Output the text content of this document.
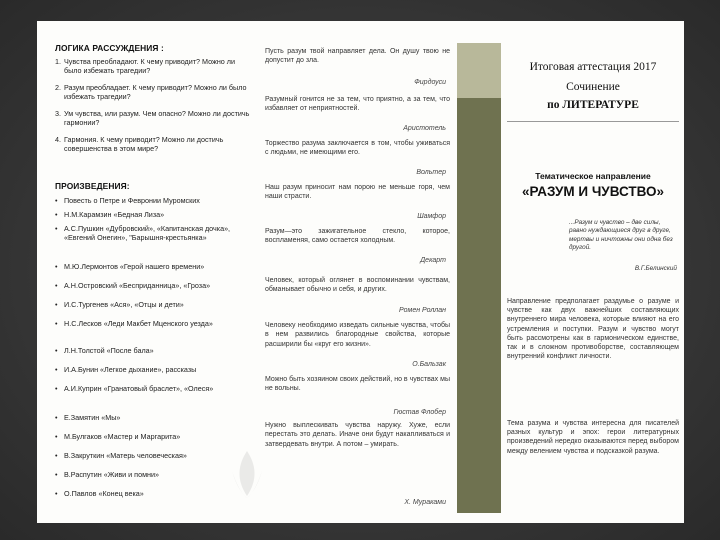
ЛОГИКА РАССУЖДЕНИЯ :

1. Чувства преобладают. К чему приводит? Можно ли было избежать трагедии?
2. Разум преобладает. К чему приводит? Можно ли было избежать трагедии?
3. Ум чувства, или разум. Чем опасно? Можно ли достичь гармонии?
4. Гармония. К чему приводит? Можно ли достичь совершенства в этом мире?

ПРОИЗВЕДЕНИЯ:

• Повесть о Петре и Февронии Муромских
• Н.М.Карамзин «Бедная Лиза»
• А.С.Пушкин «Дубровский», «Капитанская дочка», «Евгений Онегин», "Барышня-крестьянка»
• М.Ю.Лермонтов «Герой нашего времени»
• А.Н.Островский «Бесприданница», «Гроза»
• И.С.Тургенев «Ася», «Отцы и дети»
• Н.С.Лесков «Леди Макбет Мценского уезда»
• Л.Н.Толстой «После бала»
• И.А.Бунин «Легкое дыхание», рассказы
• А.И.Куприн «Гранатовый браслет», «Олеся»
• Е.Замятин «Мы»
• М.Булгаков «Мастер и Маргарита»
• В.Закруткин «Матерь человеческая»
• В.Распутин «Живи и помни»
• О.Павлов «Конец века»
Пусть разум твой направляет дела. Он душу твою не допустит до зла.
Фирдоуси
Разумный гонится не за тем, что приятно, а за тем, что избавляет от неприятностей.
Аристотель
Торжество разума заключается в том, чтобы уживаться с людьми, не имеющими его.
Вольтер
Наш разум приносит нам порою не меньше горя, чем наши страсти.
Шамфор
Разум—это зажигательное стекло, которое, воспламеняя, само остается холодным.
Декарт
Человек, который оглянет в воспоминании чувствам, обманывает обычно и себя, и других.
Ромен Роллан
Человеку необходимо изведать сильные чувства, чтобы в нем развились благородные свойства, которые расширили бы «круг его жизни».
О.Бальзак
Можно быть хозяином своих действий, но в чувствах мы не вольны.
Гюстав Флобер
Нужно выплескивать чувства наружу. Хуже, если перестать это делать. Иначе они будут накапливаться и затвердевать внутри. А потом – умирать.
Х. Мураками
Итоговая аттестация 2017
Сочинение
по ЛИТЕРАТУРЕ
Тематическое направление
«РАЗУМ И ЧУВСТВО»
...Разум и чувство – две силы, равно нуждающиеся друг в друге, мертвы и ничтожны они одна без другой.
В.Г.Белинский
Направление предполагает раздумье о разуме и чувстве как двух важнейших составляющих внутреннего мира человека, которые влияют на его устремления и поступки. Разум и чувство могут быть рассмотрены как в гармоническом единстве, так и в сложном противоборстве, составляющем внутренний конфликт личности.
Тема разума и чувства интересна для писателей разных культур и эпох: герои литературных произведений нередко оказываются перед выбором между велением чувства и подсказкой разума.
